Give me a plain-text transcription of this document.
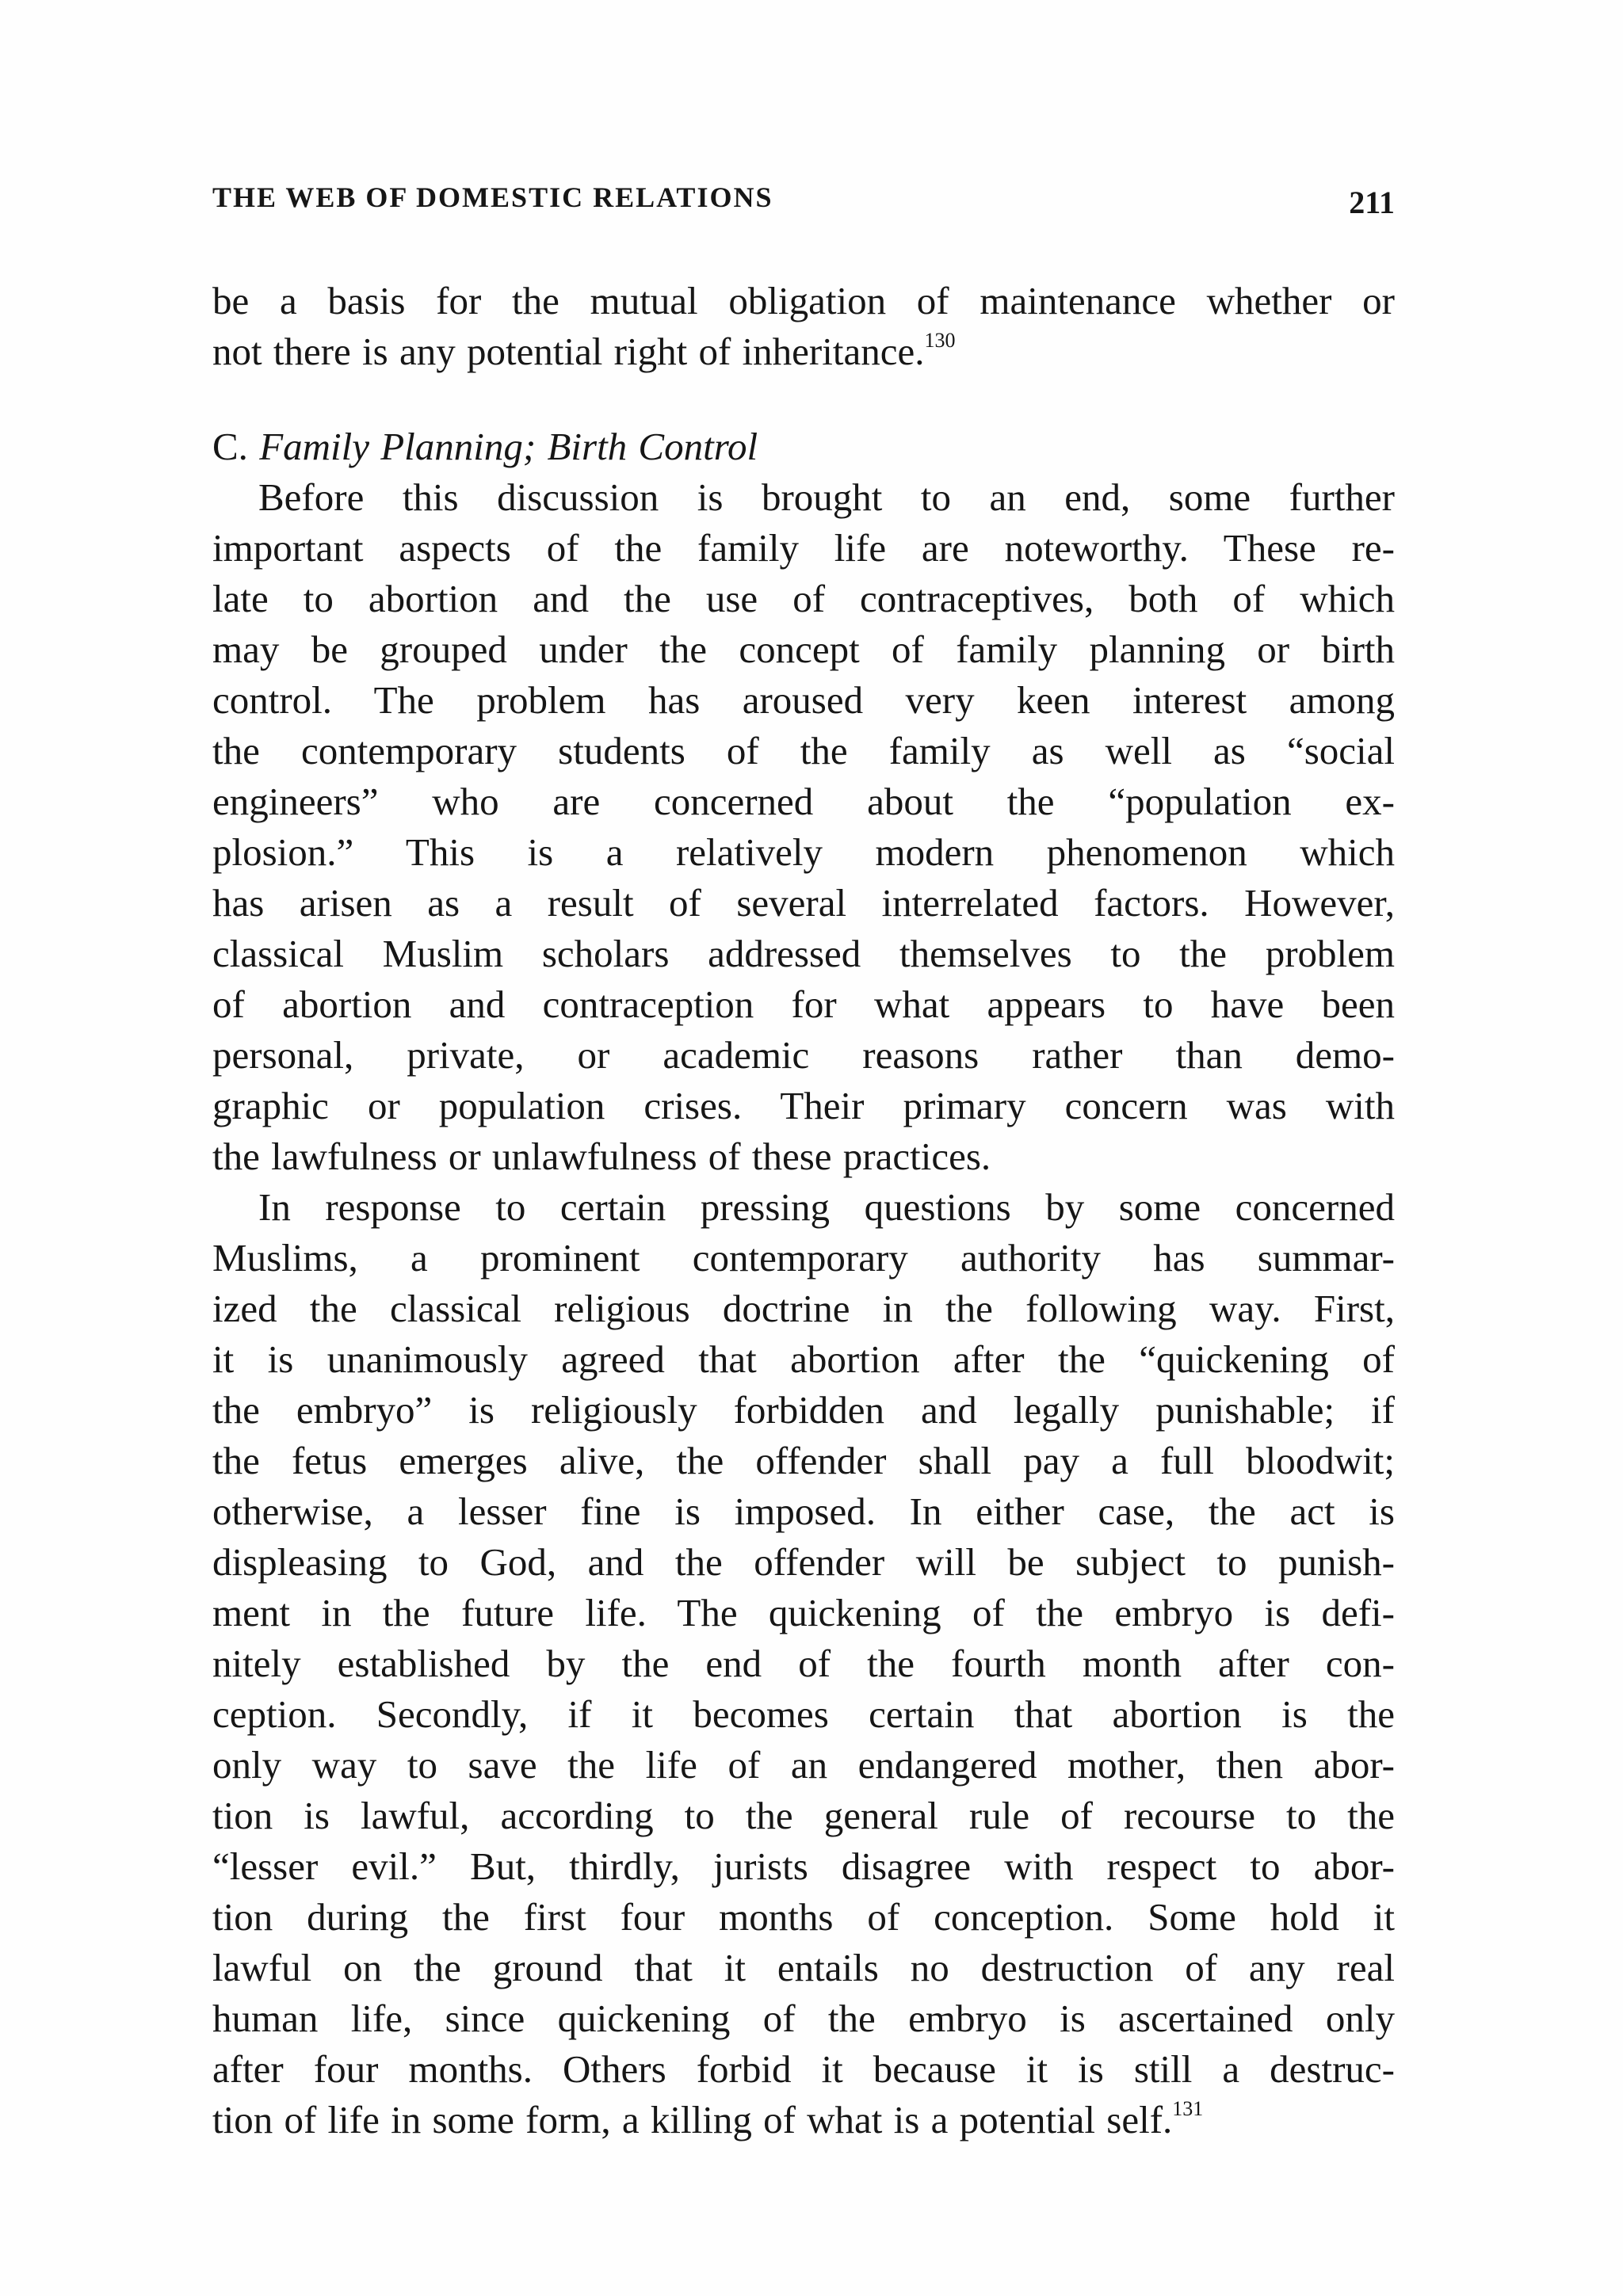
THE WEB OF DOMESTIC RELATIONS	211
be a basis for the mutual obligation of maintenance whether or
not there is any potential right of inheritance.$^{130}$
C. Family Planning; Birth Control
Before this discussion is brought to an end, some further
important aspects of the family life are noteworthy. These re-
late to abortion and the use of contraceptives, both of which
may be grouped under the concept of family planning or birth
control. The problem has aroused very keen interest among
the contemporary students of the family as well as “social
engineers” who are concerned about the “population ex-
plosion.” This is a relatively modern phenomenon which
has arisen as a result of several interrelated factors. However,
classical Muslim scholars addressed themselves to the problem
of abortion and contraception for what appears to have been
personal, private, or academic reasons rather than demo-
graphic or population crises. Their primary concern was with
the lawfulness or unlawfulness of these practices.
In response to certain pressing questions by some concerned
Muslims, a prominent contemporary authority has summar-
ized the classical religious doctrine in the following way. First,
it is unanimously agreed that abortion after the “quickening of
the embryo” is religiously forbidden and legally punishable; if
the fetus emerges alive, the offender shall pay a full bloodwit;
otherwise, a lesser fine is imposed. In either case, the act is
displeasing to God, and the offender will be subject to punish-
ment in the future life. The quickening of the embryo is defi-
nitely established by the end of the fourth month after con-
ception. Secondly, if it becomes certain that abortion is the
only way to save the life of an endangered mother, then abor-
tion is lawful, according to the general rule of recourse to the
“lesser evil.” But, thirdly, jurists disagree with respect to abor-
tion during the first four months of conception. Some hold it
lawful on the ground that it entails no destruction of any real
human life, since quickening of the embryo is ascertained only
after four months. Others forbid it because it is still a destruc-
tion of life in some form, a killing of what is a potential self.$^{131}$
